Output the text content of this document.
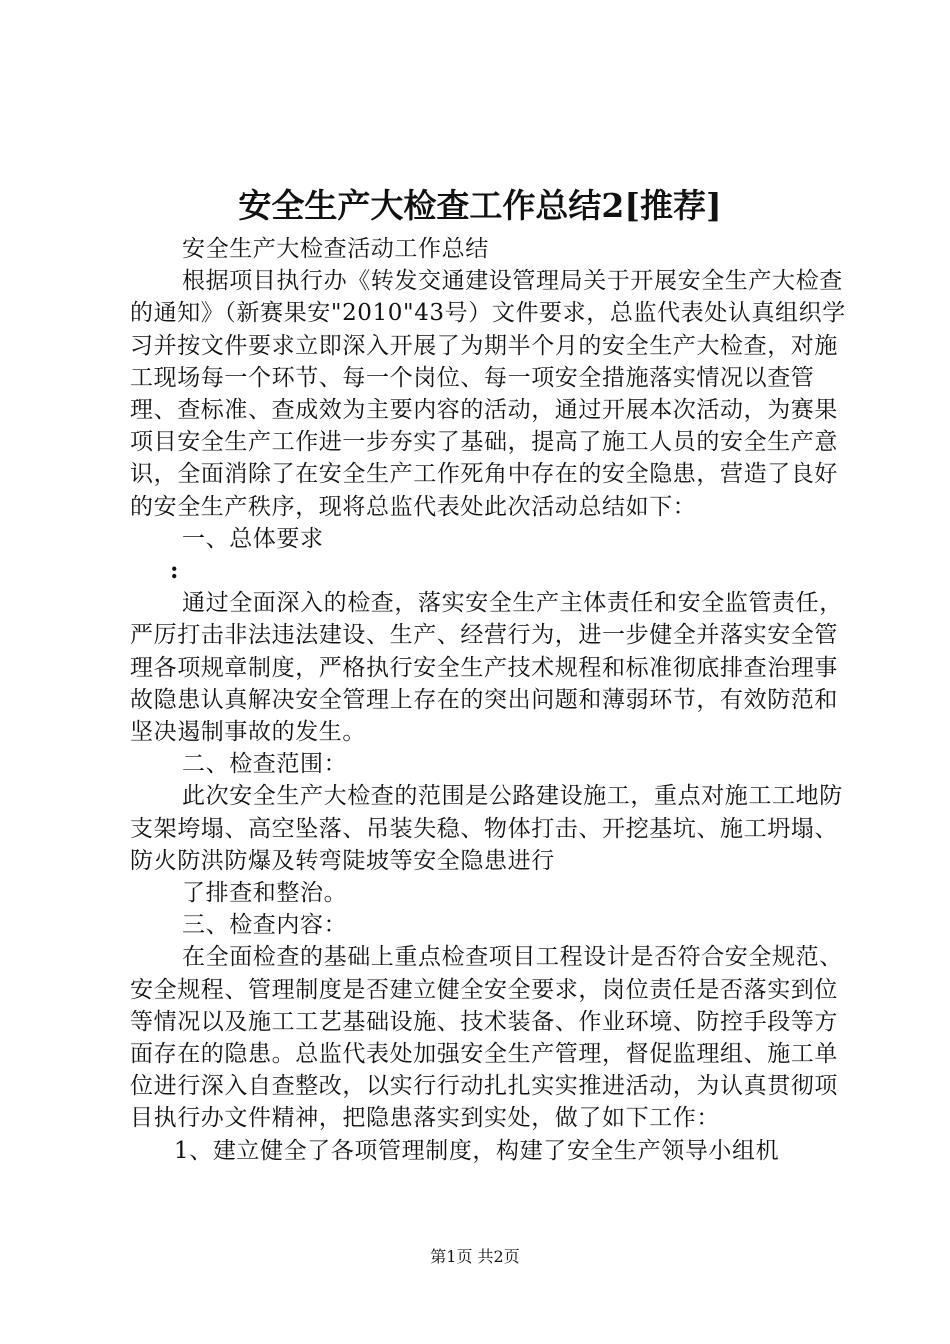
安全生产大检查工作总结2[推荐]

安全生产大检查活动工作总结

根据项目执行办《转发交通建设管理局关于开展安全生产大检查的通知》（新赛果安"2010"43号）文件要求，总监代表处认真组织学习并按文件要求立即深入开展了为期半个月的安全生产大检查，对施工现场每一个环节、每一个岗位、每一项安全措施落实情况以查管理、查标准、查成效为主要内容的活动，通过开展本次活动，为赛果项目安全生产工作进一步夯实了基础，提高了施工人员的安全生产意识，全面消除了在安全生产工作死角中存在的安全隐患，营造了良好的安全生产秩序，现将总监代表处此次活动总结如下：

一、总体要求

:

通过全面深入的检查，落实安全生产主体责任和安全监管责任，严厉打击非法违法建设、生产、经营行为，进一步健全并落实安全管理各项规章制度，严格执行安全生产技术规程和标准彻底排查治理事故隐患认真解决安全管理上存在的突出问题和薄弱环节，有效防范和坚决遏制事故的发生。

二、检查范围：

此次安全生产大检查的范围是公路建设施工，重点对施工工地防支架垮塌、高空坠落、吊装失稳、物体打击、开挖基坑、施工坍塌、防火防洪防爆及转弯陡坡等安全隐患进行

了排查和整治。

三、检查内容：

在全面检查的基础上重点检查项目工程设计是否符合安全规范、安全规程、管理制度是否建立健全安全要求，岗位责任是否落实到位等情况以及施工工艺基础设施、技术装备、作业环境、防控手段等方面存在的隐患。总监代表处加强安全生产管理，督促监理组、施工单位进行深入自查整改，以实行行动扎扎实实推进活动，为认真贯彻项目执行办文件精神，把隐患落实到实处，做了如下工作：

1、建立健全了各项管理制度，构建了安全生产领导小组机

第1页 共2页
